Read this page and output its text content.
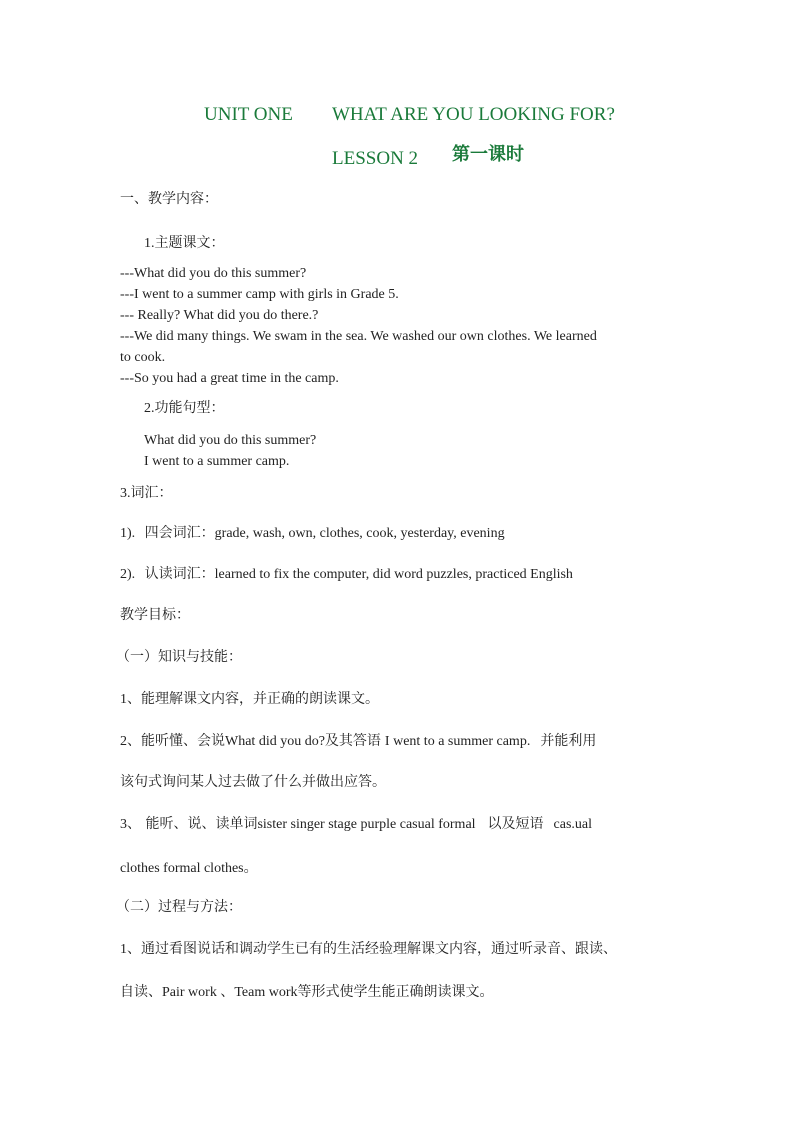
UNIT ONE WHAT ARE YOU LOOKING FOR?
LESSON 2 第一课时
一、教学内容：
1.主题课文：
---What did you do this summer?
---I went to a summer camp with girls in Grade 5.
--- Really? What did you do there.?
---We did many things. We swam in the sea. We washed our own clothes. We learned
to cook.
---So you had a great time in the camp.
2.功能句型：
What did you do this summer?
I went to a summer camp.
3.词汇：
1). 四会词汇：grade, wash, own, clothes, cook, yesterday, evening
2). 认读词汇：learned to fix the computer, did word puzzles, practiced English
教学目标：
（一）知识与技能：
1、能理解课文内容，并正确的朗读课文。
2、能听懂、会说What did you do?及其答语 I went to a summer camp. 并能利用
该句式询问某人过去做了什么并做出应答。
3、 能听、说、读单词sister singer stage purple casual formal 以及短语 cas.ual
clothes formal clothes。
（二）过程与方法：
1、通过看图说话和调动学生已有的生活经验理解课文内容，通过听录音、跟读、
自读、Pair work 、Team work等形式使学生能正确朗读课文。
